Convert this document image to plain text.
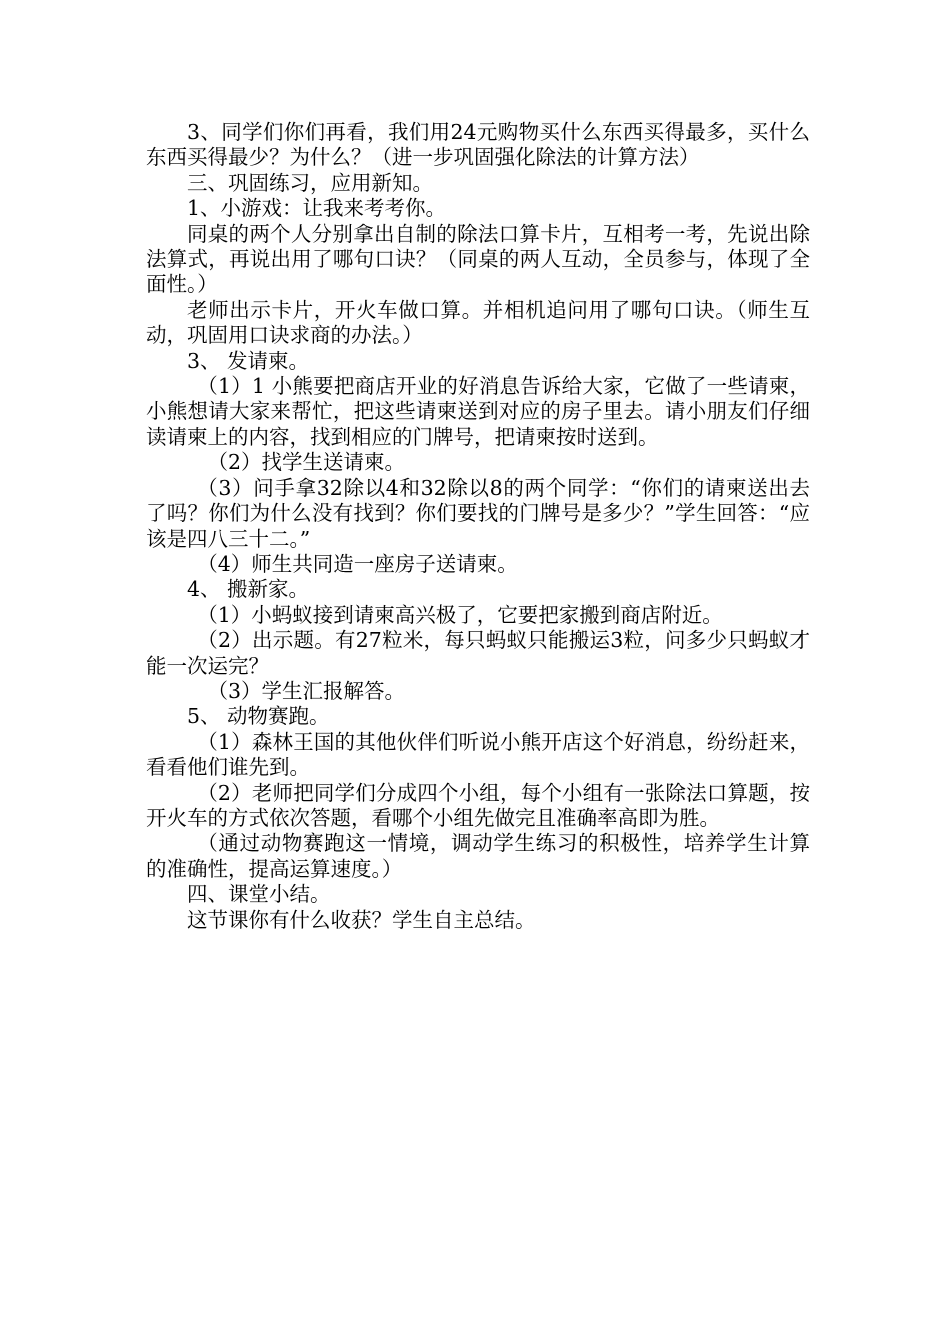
3、同学们你们再看，我们用24元购物买什么东西买得最多，买什么东西买得最少？为什么？（进一步巩固强化除法的计算方法）

三、巩固练习，应用新知。

1、小游戏：让我来考考你。

同桌的两个人分别拿出自制的除法口算卡片，互相考一考，先说出除法算式，再说出用了哪句口诀？（同桌的两人互动，全员参与，体现了全面性。）

老师出示卡片，开火车做口算。并相机追问用了哪句口诀。（师生互动，巩固用口诀求商的办法。）

3、 发请柬。

（1）1 小熊要把商店开业的好消息告诉给大家，它做了一些请柬，小熊想请大家来帮忙，把这些请柬送到对应的房子里去。请小朋友们仔细读请柬上的内容，找到相应的门牌号，把请柬按时送到。

（2）找学生送请柬。

（3）问手拿32除以4和32除以8的两个同学：“你们的请柬送出去了吗？你们为什么没有找到？你们要找的门牌号是多少？”学生回答：“应该是四八三十二。”

（4）师生共同造一座房子送请柬。

4、 搬新家。

（1）小蚂蚁接到请柬高兴极了，它要把家搬到商店附近。

（2）出示题。有27粒米，每只蚂蚁只能搬运3粒，问多少只蚂蚁才能一次运完？

（3）学生汇报解答。

5、 动物赛跑。

（1）森林王国的其他伙伴们听说小熊开店这个好消息，纷纷赶来，看看他们谁先到。

（2）老师把同学们分成四个小组，每个小组有一张除法口算题，按开火车的方式依次答题，看哪个小组先做完且准确率高即为胜。

（通过动物赛跑这一情境，调动学生练习的积极性，培养学生计算的准确性，提高运算速度。）

四、课堂小结。

这节课你有什么收获？学生自主总结。
